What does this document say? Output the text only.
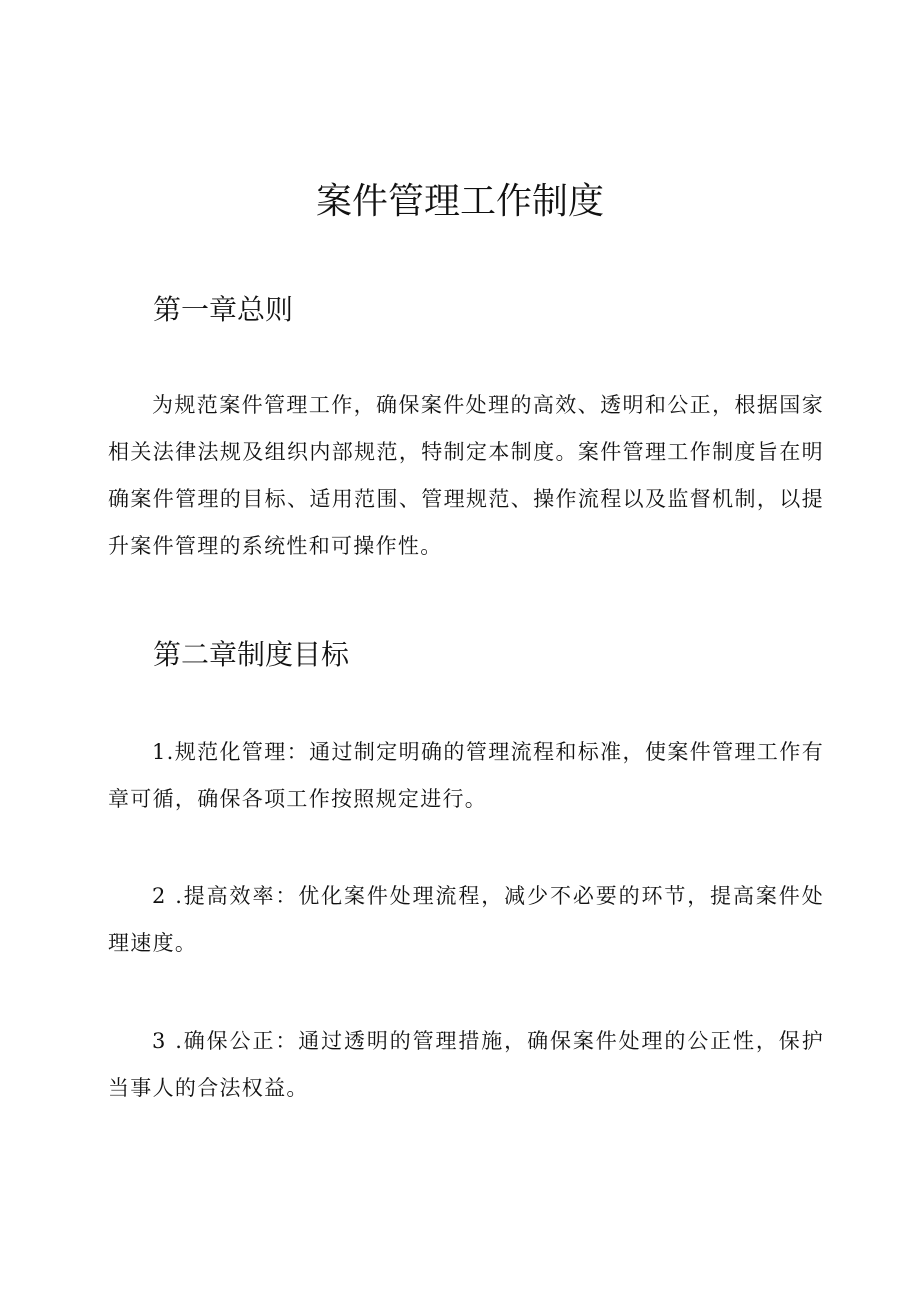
案件管理工作制度
第一章总则

为规范案件管理工作，确保案件处理的高效、透明和公正，根据国家相关法律法规及组织内部规范，特制定本制度。案件管理工作制度旨在明确案件管理的目标、适用范围、管理规范、操作流程以及监督机制，以提升案件管理的系统性和可操作性。

第二章制度目标

1.规范化管理：通过制定明确的管理流程和标准，使案件管理工作有章可循，确保各项工作按照规定进行。

2 .提高效率：优化案件处理流程，减少不必要的环节，提高案件处理速度。

3 .确保公正：通过透明的管理措施，确保案件处理的公正性，保护当事人的合法权益。
